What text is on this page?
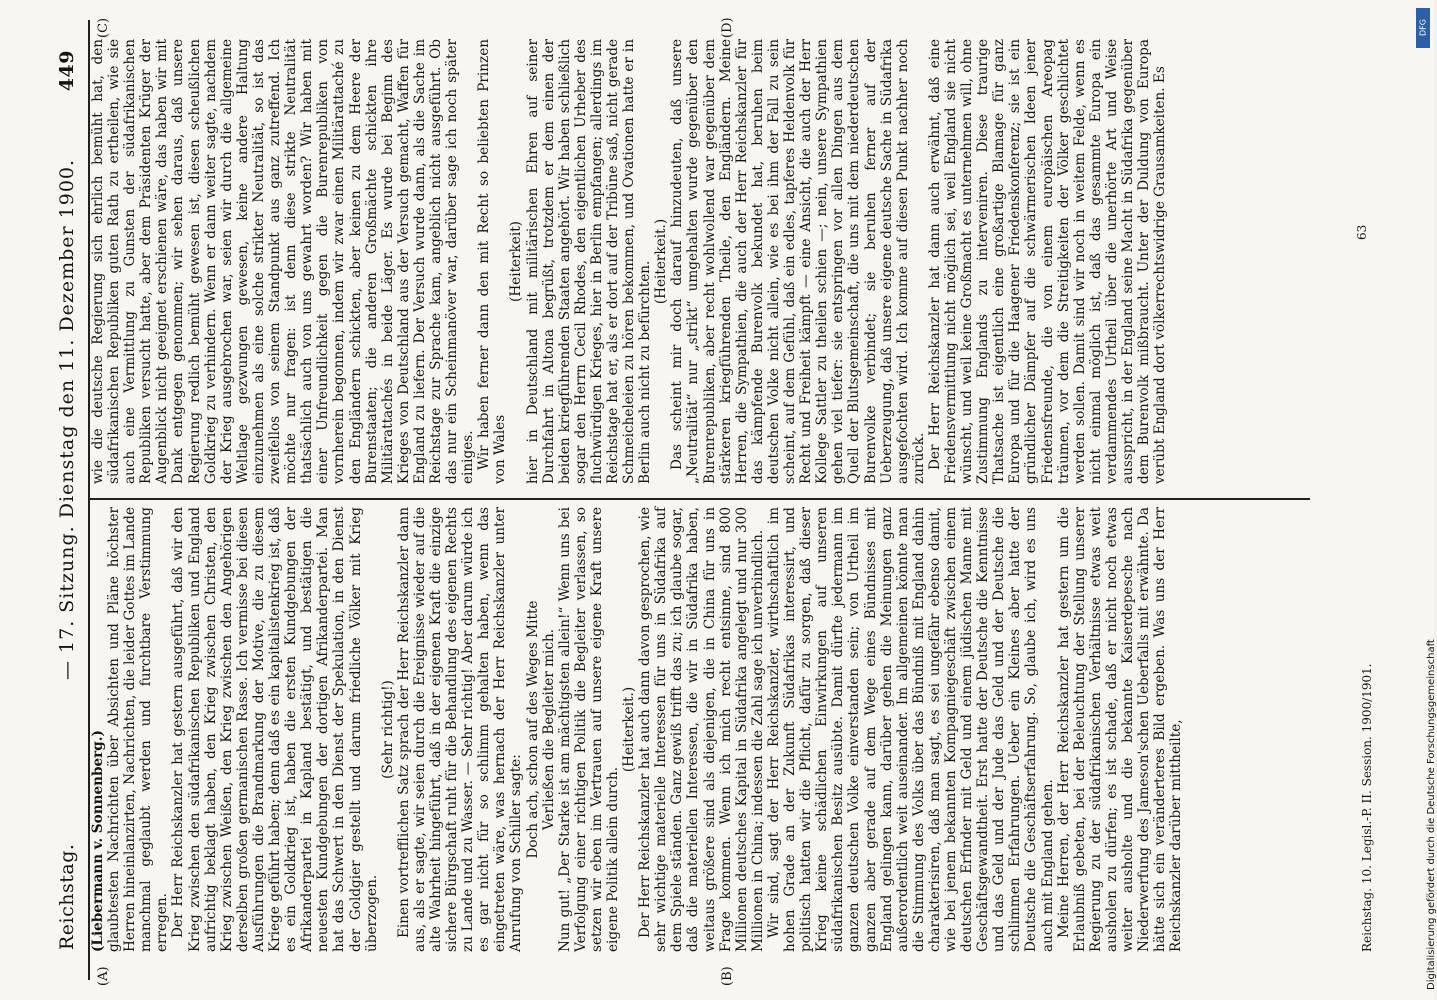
Reichstag.
— 17. Sitzung. Dienstag den 11. Dezember 1900.
449
(A)	(B)
(C)	(D)

(Liebermann v. Sonnenberg.) glaubtesten Nachrichten über Absichten und Pläne höchster Herren hineinlanzirten, Nachrichten, die leider Gottes im Lande manchmal geglaubt werden und furchtbare Verstimmung erregen. Der Herr Reichskanzler hat gestern ausgeführt, daß wir den Krieg zwischen den südafrikanischen Republiken und England aufrichtig beklagt haben, den Krieg zwischen Christen, den Krieg zwischen Weißen, den Krieg zwischen den Angehörigen derselben großen germanischen Rasse. Ich vermisse bei diesen Ausführungen die Brandmarkung der Motive, die zu diesem Kriege geführt haben; denn daß es ein kapitalistenkrieg ist, daß es ein Goldkrieg ist, haben die ersten Kundgebungen der Afrikanderpartei in Kapland bestätigt, und bestätigen die neuesten Kundgebungen der dortigen Afrikanderpartei. Man hat das Schwert in den Dienst der Spekulation, in den Dienst der Goldgier gestellt und darum friedliche Völker mit Krieg überzogen.

(Sehr richtig!) Einen vortrefflichen Satz sprach der Herr Reichskanzler dann aus, als er sagte, wir seien durch die Ereignisse wieder auf die alte Wahrheit hingeführt, daß in der eigenen Kraft die einzige sichere Bürgschaft ruht für die Behandlung des eigenen Rechts zu Lande und zu Wasser. — Sehr richtig! Aber darum würde ich es gar nicht für so schlimm gehalten haben, wenn das eingetreten wäre, was hernach der Herr Reichskanzler unter Anrufung von Schiller sagte: Doch ach, schon auf des Weges Mitte Verließen die Begleiter mich. Nun gut! „Der Starke ist am mächtigsten allein!“ Wenn uns bei Verfolgung einer richtigen Politik die Begleiter verlassen, so setzen wir eben im Vertrauen auf unsere eigene Kraft unsere eigene Politik allein durch.

(Heiterkeit.) Der Herr Reichskanzler hat auch dann davon gesprochen, wie sehr wichtige materielle Interessen für uns in Südafrika auf dem Spiele ständen. Ganz gewiß trifft das zu; ich glaube sogar, daß die materiellen Interessen, die wir in Südafrika haben, weitaus größere sind als diejenigen, die in China für uns in Frage kommen. Wenn ich mich recht entsinne, sind 800 Millionen deutsches Kapital in Südafrika angelegt und nur 300 Millionen in China; indessen die Zahl sage ich unverbindlich. Wir sind, sagt der Herr Reichskanzler, wirthschaftlich im hohen Grade an der Zukunft Südafrikas interessirt, und politisch hatten wir die Pflicht, dafür zu sorgen, daß dieser Krieg keine schädlichen Einwirkungen auf unseren südafrikanischen Besitz ausübte. Damit dürfte jedermann im ganzen deutschen Volke einverstanden sein; von Urtheil im ganzen aber gerade auf dem Wege eines Bündnisses mit England gelingen kann, darüber gehen die Meinungen ganz außerordentlich weit auseinander. Im allgemeinen könnte man die Stimmung des Volks über das Bündniß mit England dahin charakterisiren, daß man sagt, es sei ungefähr ebenso damit, wie bei jenem bekannten Kompagniegeschäft zwischen einem deutschen Erfinder mit Geld und einem jüdischen Manne mit Geschäftsgewandtheit. Erst hatte der Deutsche die Kenntnisse und das Geld und der Jude das Geld und der Deutsche die schlimmen Erfahrungen. Ueber ein Kleines aber hatte der Deutsche die Geschäftserfahrung. So, glaube ich, wird es uns auch mit England gehen. Meine Herren, der Herr Reichskanzler hat gestern um die Erlaubniß gebeten, bei der Beleuchtung der Stellung unserer Regierung zu der südafrikanischen Verhältnisse etwas weit ausholen zu dürfen; es ist schade, daß er nicht noch etwas weiter ausholte und die bekannte Kaiserdepesche nach Niederwerfung des Jameson'schen Ueberfalls mit erwähnte. Da hätte sich ein veränderteres Bild ergeben. Was uns der Herr Reichskanzler darüber mittheilte,

wie die deutsche Regierung sich ehrlich bemüht hat, den südafrikanischen Republiken guten Rath zu ertheilen, wie sie auch eine Vermittlung zu Gunsten der südafrikanischen Republiken versucht hatte, aber dem Präsidenten Krüger der Augenblick nicht geeignet erschienen wäre, das haben wir mit Dank entgegen genommen; wir sehen daraus, daß unsere Regierung redlich bemüht gewesen ist, diesen scheußlichen Goldkrieg zu verhindern. Wenn er dann weiter sagte, nachdem der Krieg ausgebrochen war, seien wir durch die allgemeine Weltlage gezwungen gewesen, keine andere Haltung einzunehmen als eine solche strikter Neutralität, so ist das zweifellos von seinem Standpunkt aus ganz zutreffend. Ich möchte nur fragen: ist denn diese strikte Neutralität thatsächlich auch von uns gewahrt worden? Wir haben mit einer Unfreundlichkeit gegen die Burenrepubliken von vornherein begonnen, indem wir zwar einen Militärattaché zu den Engländern schickten, aber keinen zu dem Heere der Burenstaaten; die anderen Großmächte schickten ihre Militärattachés in beide Läger. Es wurde bei Beginn des Krieges von Deutschland aus der Versuch gemacht, Waffen für England zu liefern. Der Versuch wurde dann, als die Sache im Reichstage zur Sprache kam, angeblich nicht ausgeführt. Ob das nur ein Scheinmanöver war, darüber sage ich noch später einiges. Wir haben ferner dann den mit Recht so beliebten Prinzen von Wales

(Heiterkeit) hier in Deutschland mit militärischen Ehren auf seiner Durchfahrt in Altona begrüßt, trotzdem er dem einen der beiden kriegführenden Staaten angehört. Wir haben schließlich sogar den Herrn Cecil Rhodes, den eigentlichen Urheber des fluchwürdigen Krieges, hier in Berlin empfangen; allerdings im Reichstage hat er, als er dort auf der Tribüne saß, nicht gerade Schmeicheleien zu hören bekommen, und Ovationen hatte er in Berlin auch nicht zu befürchten. (Heiterkeit.) Das scheint mir doch darauf hinzudeuten, daß unsere „Neutralität“ nur „strikt“ umgehalten wurde gegenüber den Burenrepubliken, aber recht wohlwollend war gegenüber dem stärkeren kriegführenden Theile, den Engländern. Meine Herren, die Sympathien, die auch der Herr Reichskanzler für das kämpfende Burenvolk bekundet hat, beruhen beim deutschen Volke nicht allein, wie es bei ihm der Fall zu sein scheint, auf dem Gefühl, daß ein edles, tapferes Heldenvolk für Recht und Freiheit kämpft — eine Ansicht, die auch der Herr Kollege Sattler zu theilen schien —; nein, unsere Sympathien gehen viel tiefer: sie entspringen vor allen Dingen aus dem Quell der Blutsgemeinschaft, die uns mit dem niederdeutschen Burenvolke verbindet; sie beruhen ferner auf der Ueberzeugung, daß unsere eigene deutsche Sache in Südafrika ausgefochten wird. Ich komme auf diesen Punkt nachher noch zurück. Der Herr Reichskanzler hat dann auch erwähnt, daß eine Friedensvermittlung nicht möglich sei, weil England sie nicht wünscht, und weil keine Großmacht es unternehmen will, ohne Zustimmung Englands zu interveniren. Diese traurige Thatsache ist eigentlich eine großartige Blamage für ganz Europa und für die Haagener Friedenskonferenz; sie ist ein gründlicher Dämpfer auf die schwärmerischen Ideen jener Friedensfreunde, die von einem europäischen Areopag träumen, vor dem die Streitigkeiten der Völker geschlichtet werden sollen. Damit sind wir noch in weitem Felde, wenn es nicht einmal möglich ist, daß das gesammte Europa ein verdammendes Urtheil über die unerhörte Art und Weise ausspricht, in der England seine Macht in Südafrika gegenüber dem Burenvolk mißbraucht. Unter der Duldung von Europa verübt England dort völkerrechtswidrige Grausamkeiten. Es

Reichstag. 10. Legisl.-P. II. Session. 1900/1901.
63
Digitalisierung gefördert durch die Deutsche Forschungsgemeinschaft
DFG
